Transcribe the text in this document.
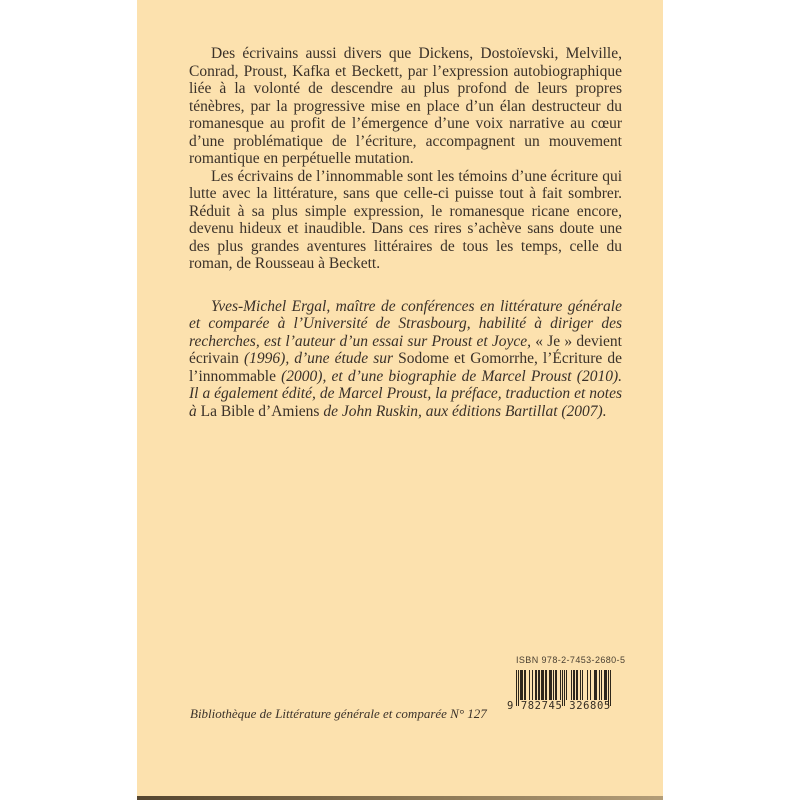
Des écrivains aussi divers que Dickens, Dostoïevski, Melville, Conrad, Proust, Kafka et Beckett, par l’expression autobiographique liée à la volonté de descendre au plus profond de leurs propres ténèbres, par la progressive mise en place d’un élan destructeur du romanesque au profit de l’émergence d’une voix narrative au cœur d’une problématique de l’écriture, accompagnent un mouvement romantique en perpétuelle mutation.

Les écrivains de l’innommable sont les témoins d’une écriture qui lutte avec la littérature, sans que celle-ci puisse tout à fait sombrer. Réduit à sa plus simple expression, le romanesque ricane encore, devenu hideux et inaudible. Dans ces rires s’achève sans doute une des plus grandes aventures littéraires de tous les temps, celle du roman, de Rousseau à Beckett.

Yves-Michel Ergal, maître de conférences en littérature générale et comparée à l’Université de Strasbourg, habilité à diriger des recherches, est l’auteur d’un essai sur Proust et Joyce, « Je » devient écrivain (1996), d’une étude sur Sodome et Gomorrhe, l’Écriture de l’innommable (2000), et d’une biographie de Marcel Proust (2010). Il a également édité, de Marcel Proust, la préface, traduction et notes à La Bible d’Amiens de John Ruskin, aux éditions Bartillat (2007).

Bibliothèque de Littérature générale et comparée N° 127
ISBN 978-2-7453-2680-5
9 782745 326805
